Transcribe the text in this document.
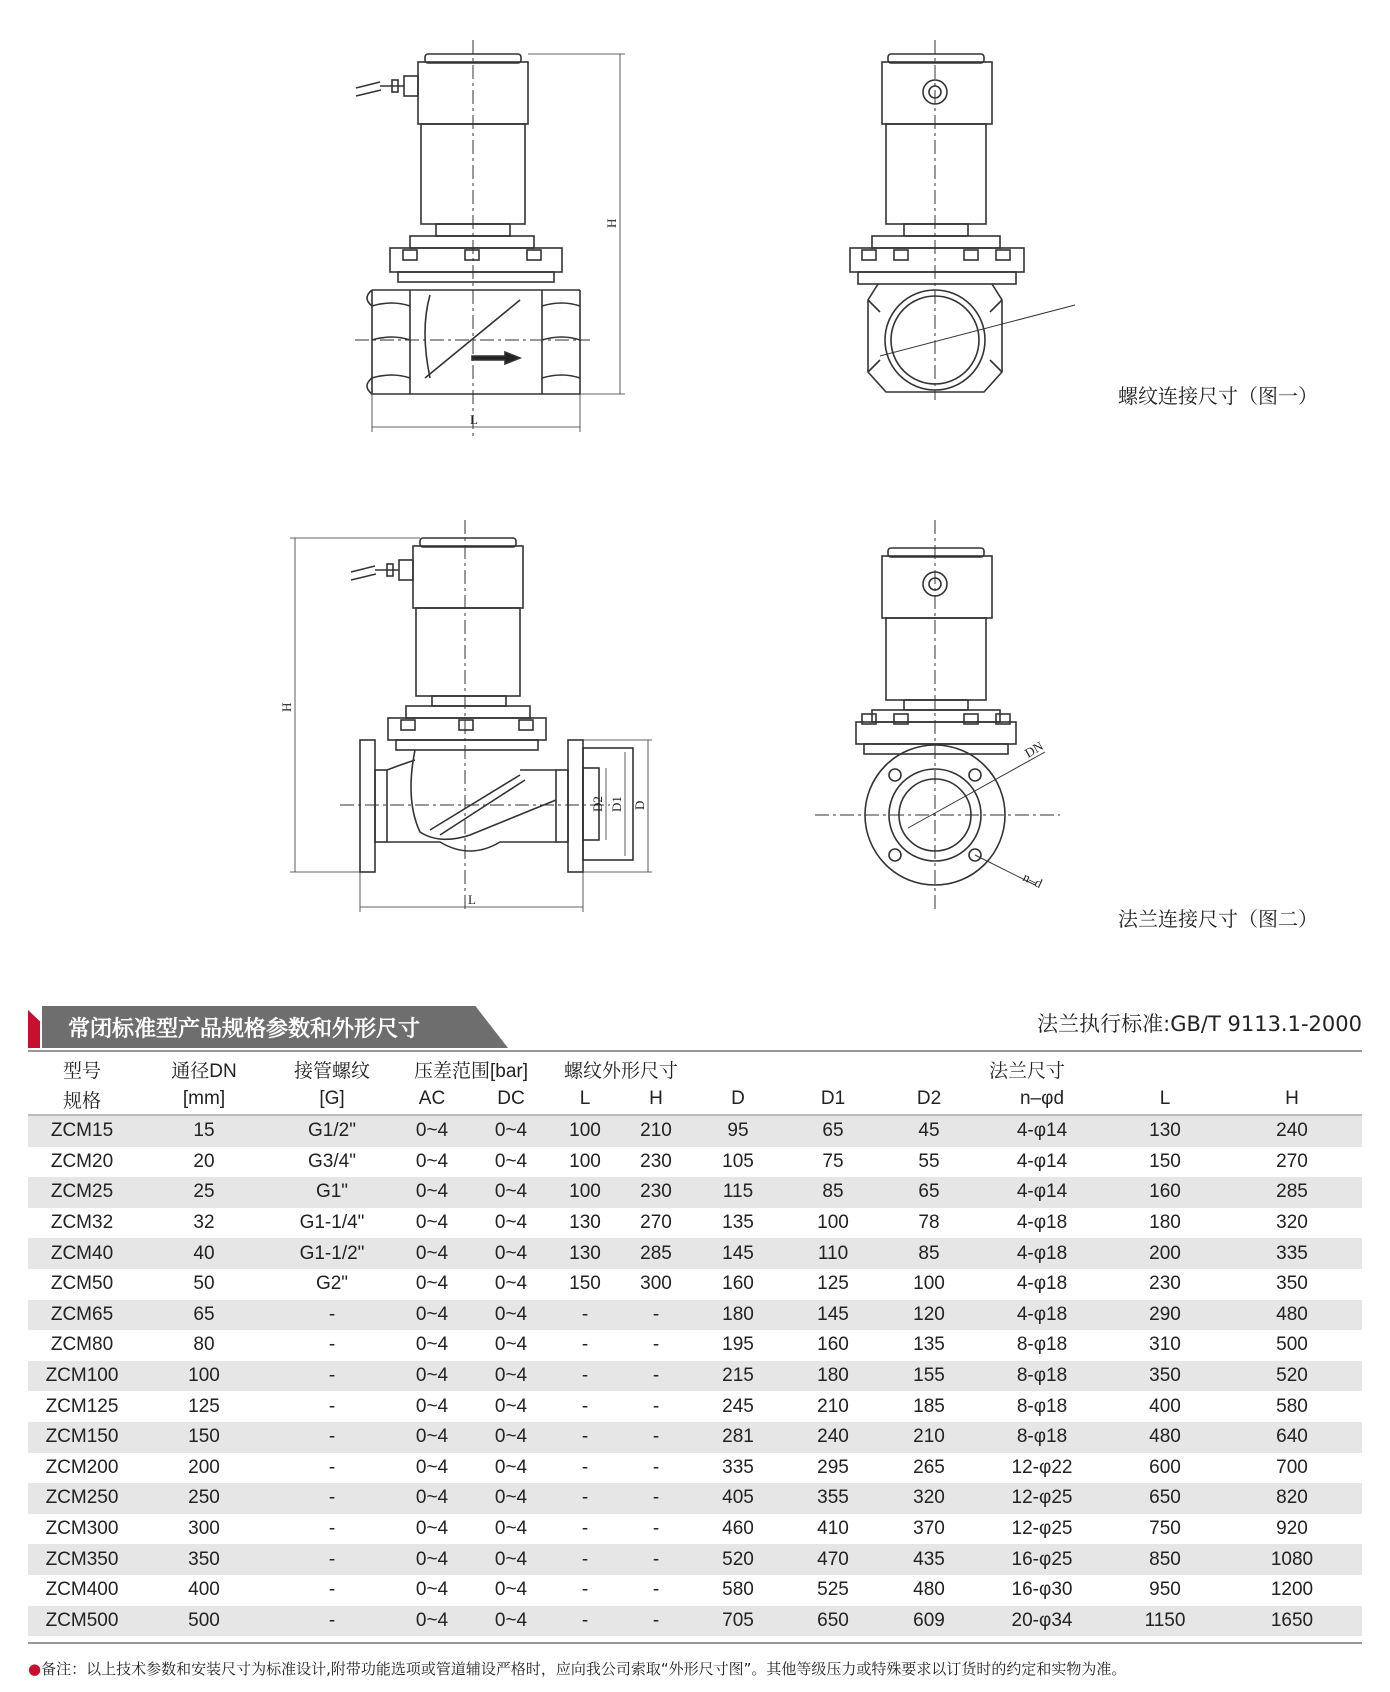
H
L
H
L
D2 D1 D
DN
n–d
螺纹连接尺寸（图一）
法兰连接尺寸（图二）
常闭标准型产品规格参数和外形尺寸	法兰执行标准:GB/T 9113.1-2000
型号	通径DN	接管螺纹	压差范围[bar]		螺纹外形尺寸		法兰尺寸					
规格	[mm]	[G]	AC	DC	L	H	D	D1	D2	n–φd	L	H
ZCM15	15	G1/2"	0~4	0~4	100	210	95	65	45	4-φ14	130	240
ZCM20	20	G3/4"	0~4	0~4	100	230	105	75	55	4-φ14	150	270
ZCM25	25	G1"	0~4	0~4	100	230	115	85	65	4-φ14	160	285
ZCM32	32	G1-1/4"	0~4	0~4	130	270	135	100	78	4-φ18	180	320
ZCM40	40	G1-1/2"	0~4	0~4	130	285	145	110	85	4-φ18	200	335
ZCM50	50	G2"	0~4	0~4	150	300	160	125	100	4-φ18	230	350
ZCM65	65	-	0~4	0~4	-	-	180	145	120	4-φ18	290	480
ZCM80	80	-	0~4	0~4	-	-	195	160	135	8-φ18	310	500
ZCM100	100	-	0~4	0~4	-	-	215	180	155	8-φ18	350	520
ZCM125	125	-	0~4	0~4	-	-	245	210	185	8-φ18	400	580
ZCM150	150	-	0~4	0~4	-	-	281	240	210	8-φ18	480	640
ZCM200	200	-	0~4	0~4	-	-	335	295	265	12-φ22	600	700
ZCM250	250	-	0~4	0~4	-	-	405	355	320	12-φ25	650	820
ZCM300	300	-	0~4	0~4	-	-	460	410	370	12-φ25	750	920
ZCM350	350	-	0~4	0~4	-	-	520	470	435	16-φ25	850	1080
ZCM400	400	-	0~4	0~4	-	-	580	525	480	16-φ30	950	1200
ZCM500	500	-	0~4	0~4	-	-	705	650	609	20-φ34	1150	1650
●备注：以上技术参数和安装尺寸为标准设计,附带功能选项或管道辅设严格时，应向我公司索取“外形尺寸图”。其他等级压力或特殊要求以订货时的约定和实物为准。
